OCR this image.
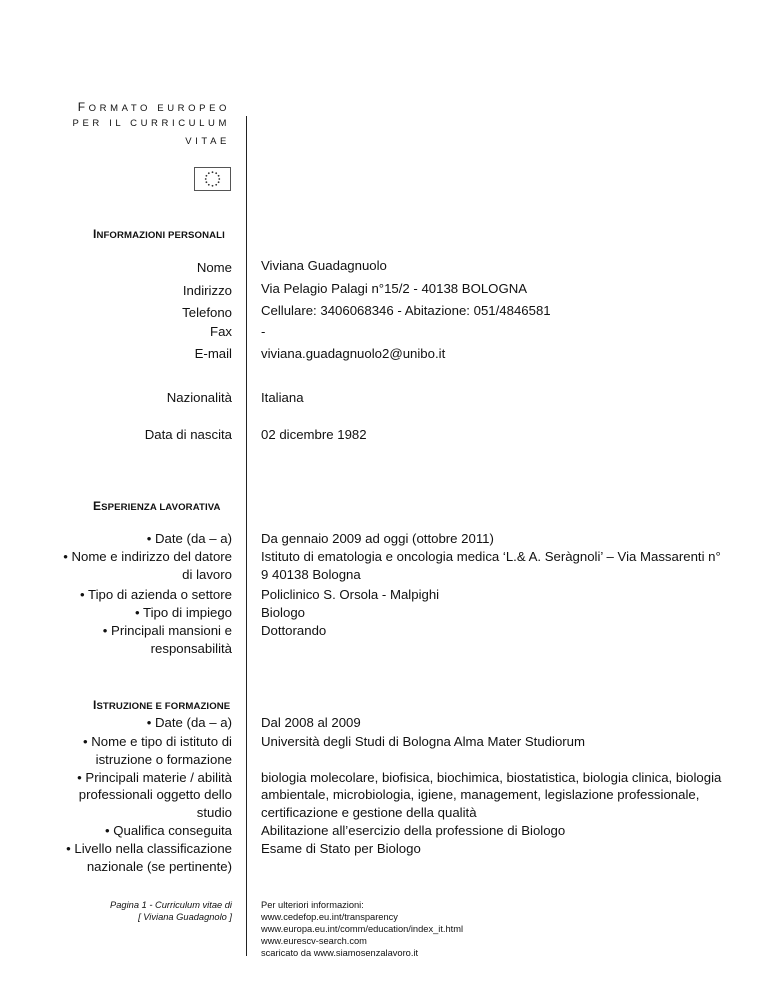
FORMATO EUROPEO
PER IL CURRICULUM
VITAE
INFORMAZIONI PERSONALI
Nome Viviana Guadagnuolo
Indirizzo Via Pelagio Palagi n°15/2 - 40138 BOLOGNA
Telefono Cellulare: 3406068346 - Abitazione: 051/4846581
Fax -
E-mail viviana.guadagnuolo2@unibo.it
Nazionalità Italiana
Data di nascita 02 dicembre 1982
ESPERIENZA LAVORATIVA
• Date (da – a)
• Nome e indirizzo del datore
di lavoro
• Tipo di azienda o settore
• Tipo di impiego
• Principali mansioni e
responsabilità
Da gennaio 2009 ad oggi (ottobre 2011)
Istituto di ematologia e oncologia medica ‘L.& A. Seràgnoli’ – Via Massarenti n°
9 40138 Bologna
Policlinico S. Orsola - Malpighi
Biologo
Dottorando
ISTRUZIONE E FORMAZIONE
• Date (da – a)
• Nome e tipo di istituto di
istruzione o formazione
• Principali materie / abilità
professionali oggetto dello
studio
• Qualifica conseguita
• Livello nella classificazione
nazionale (se pertinente)
Dal 2008 al 2009
Università degli Studi di Bologna Alma Mater Studiorum
biologia molecolare, biofisica, biochimica, biostatistica, biologia clinica, biologia
ambientale, microbiologia, igiene, management, legislazione professionale,
certificazione e gestione della qualità
Abilitazione all’esercizio della professione di Biologo
Esame di Stato per Biologo
Pagina 1 - Curriculum vitae di
[ Viviana Guadagnolo ]
Per ulteriori informazioni:
www.cedefop.eu.int/transparency
www.europa.eu.int/comm/education/index_it.html
www.eurescv-search.com
scaricato da www.siamosenzalavoro.it
